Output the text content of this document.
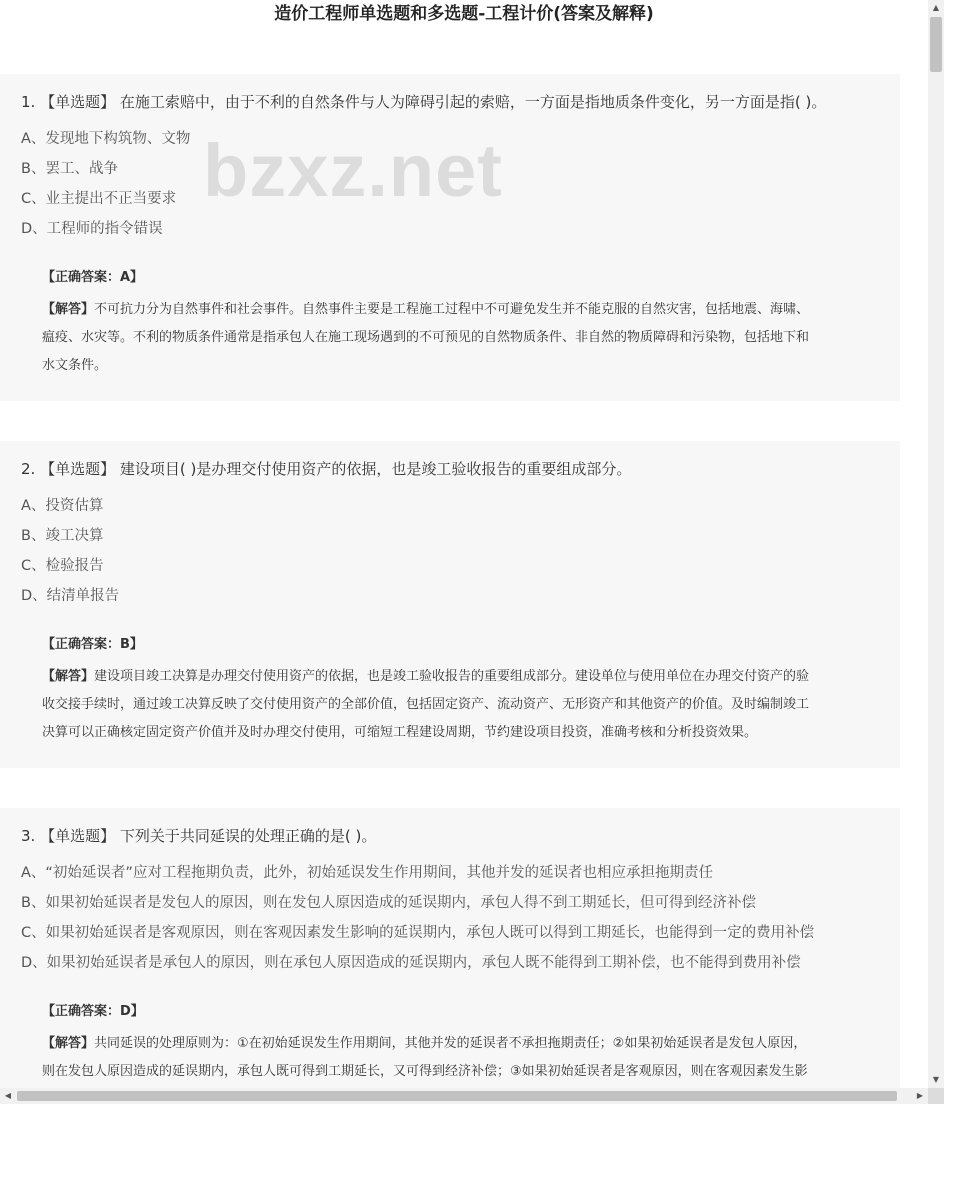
造价工程师单选题和多选题-工程计价(答案及解释)
1. 【单选题】 在施工索赔中，由于不利的自然条件与人为障碍引起的索赔，一方面是指地质条件变化，另一方面是指( )。
A、发现地下构筑物、文物
B、罢工、战争
C、业主提出不正当要求
D、工程师的指令错误
【正确答案：A】
【解答】不可抗力分为自然事件和社会事件。自然事件主要是工程施工过程中不可避免发生并不能克服的自然灾害，包括地震、海啸、
瘟疫、水灾等。不利的物质条件通常是指承包人在施工现场遇到的不可预见的自然物质条件、非自然的物质障碍和污染物，包括地下和
水文条件。
2. 【单选题】 建设项目( )是办理交付使用资产的依据，也是竣工验收报告的重要组成部分。
A、投资估算
B、竣工决算
C、检验报告
D、结清单报告
【正确答案：B】
【解答】建设项目竣工决算是办理交付使用资产的依据，也是竣工验收报告的重要组成部分。建设单位与使用单位在办理交付资产的验
收交接手续时，通过竣工决算反映了交付使用资产的全部价值，包括固定资产、流动资产、无形资产和其他资产的价值。及时编制竣工
决算可以正确核定固定资产价值并及时办理交付使用，可缩短工程建设周期，节约建设项目投资，准确考核和分析投资效果。
3. 【单选题】 下列关于共同延误的处理正确的是( )。
A、“初始延误者”应对工程拖期负责，此外，初始延误发生作用期间，其他并发的延误者也相应承担拖期责任
B、如果初始延误者是发包人的原因，则在发包人原因造成的延误期内，承包人得不到工期延长，但可得到经济补偿
C、如果初始延误者是客观原因，则在客观因素发生影响的延误期内，承包人既可以得到工期延长，也能得到一定的费用补偿
D、如果初始延误者是承包人的原因，则在承包人原因造成的延误期内，承包人既不能得到工期补偿，也不能得到费用补偿
【正确答案：D】
【解答】共同延误的处理原则为：①在初始延误发生作用期间，其他并发的延误者不承担拖期责任；②如果初始延误者是发包人原因，
则在发包人原因造成的延误期内，承包人既可得到工期延长，又可得到经济补偿；③如果初始延误者是客观原因，则在客观因素发生影
bzxz.net
▲
▼
◀	▶
